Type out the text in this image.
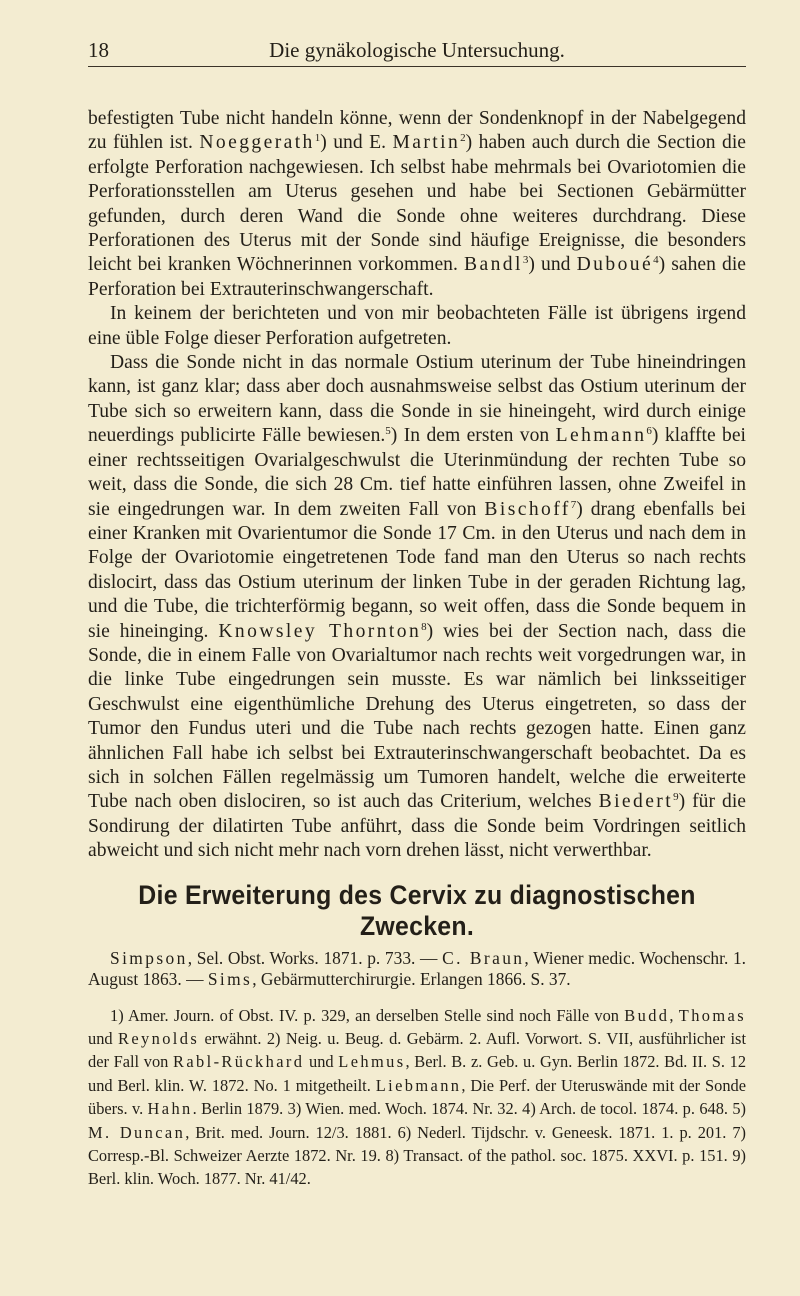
18	Die gynäkologische Untersuchung.

befestigten Tube nicht handeln könne, wenn der Sondenknopf in der Nabelgegend zu fühlen ist. Noeggerath$^1$) und E. Martin$^2$) haben auch durch die Section die erfolgte Perforation nachgewiesen. Ich selbst habe mehrmals bei Ovariotomien die Perforationsstellen am Uterus gesehen und habe bei Sectionen Gebärmütter gefunden, durch deren Wand die Sonde ohne weiteres durchdrang. Diese Perforationen des Uterus mit der Sonde sind häufige Ereignisse, die besonders leicht bei kranken Wöchnerinnen vorkommen. Bandl$^3$) und Duboué$^4$) sahen die Perforation bei Extrauterinschwangerschaft.

In keinem der berichteten und von mir beobachteten Fälle ist übrigens irgend eine üble Folge dieser Perforation aufgetreten.

Dass die Sonde nicht in das normale Ostium uterinum der Tube hineindringen kann, ist ganz klar; dass aber doch ausnahmsweise selbst das Ostium uterinum der Tube sich so erweitern kann, dass die Sonde in sie hineingeht, wird durch einige neuerdings publicirte Fälle bewiesen.$^5$) In dem ersten von Lehmann$^6$) klaffte bei einer rechtsseitigen Ovarialgeschwulst die Uterinmündung der rechten Tube so weit, dass die Sonde, die sich 28 Cm. tief hatte einführen lassen, ohne Zweifel in sie eingedrungen war. In dem zweiten Fall von Bischoff$^7$) drang ebenfalls bei einer Kranken mit Ovarientumor die Sonde 17 Cm. in den Uterus und nach dem in Folge der Ovariotomie eingetretenen Tode fand man den Uterus so nach rechts dislocirt, dass das Ostium uterinum der linken Tube in der geraden Richtung lag, und die Tube, die trichterförmig begann, so weit offen, dass die Sonde bequem in sie hineinging. Knowsley Thornton$^8$) wies bei der Section nach, dass die Sonde, die in einem Falle von Ovarialtumor nach rechts weit vorgedrungen war, in die linke Tube eingedrungen sein musste. Es war nämlich bei linksseitiger Geschwulst eine eigenthümliche Drehung des Uterus eingetreten, so dass der Tumor den Fundus uteri und die Tube nach rechts gezogen hatte. Einen ganz ähnlichen Fall habe ich selbst bei Extrauterinschwangerschaft beobachtet. Da es sich in solchen Fällen regelmässig um Tumoren handelt, welche die erweiterte Tube nach oben dislociren, so ist auch das Criterium, welches Biedert$^9$) für die Sondirung der dilatirten Tube anführt, dass die Sonde beim Vordringen seitlich abweicht und sich nicht mehr nach vorn drehen lässt, nicht verwerthbar.

Die Erweiterung des Cervix zu diagnostischen Zwecken.

Simpson, Sel. Obst. Works. 1871. p. 733. — C. Braun, Wiener medic. Wochenschr. 1. August 1863. — Sims, Gebärmutterchirurgie. Erlangen 1866. S. 37.

1) Amer. Journ. of Obst. IV. p. 329, an derselben Stelle sind noch Fälle von Budd, Thomas und Reynolds erwähnt. 2) Neig. u. Beug. d. Gebärm. 2. Aufl. Vorwort. S. VII, ausführlicher ist der Fall von Rabl-Rückhard und Lehmus, Berl. B. z. Geb. u. Gyn. Berlin 1872. Bd. II. S. 12 und Berl. klin. W. 1872. No. 1 mitgetheilt. Liebmann, Die Perf. der Uteruswände mit der Sonde übers. v. Hahn. Berlin 1879. 3) Wien. med. Woch. 1874. Nr. 32. 4) Arch. de tocol. 1874. p. 648. 5) M. Duncan, Brit. med. Journ. 12/3. 1881. 6) Nederl. Tijdschr. v. Geneesk. 1871. 1. p. 201. 7) Corresp.-Bl. Schweizer Aerzte 1872. Nr. 19. 8) Transact. of the pathol. soc. 1875. XXVI. p. 151. 9) Berl. klin. Woch. 1877. Nr. 41/42.
